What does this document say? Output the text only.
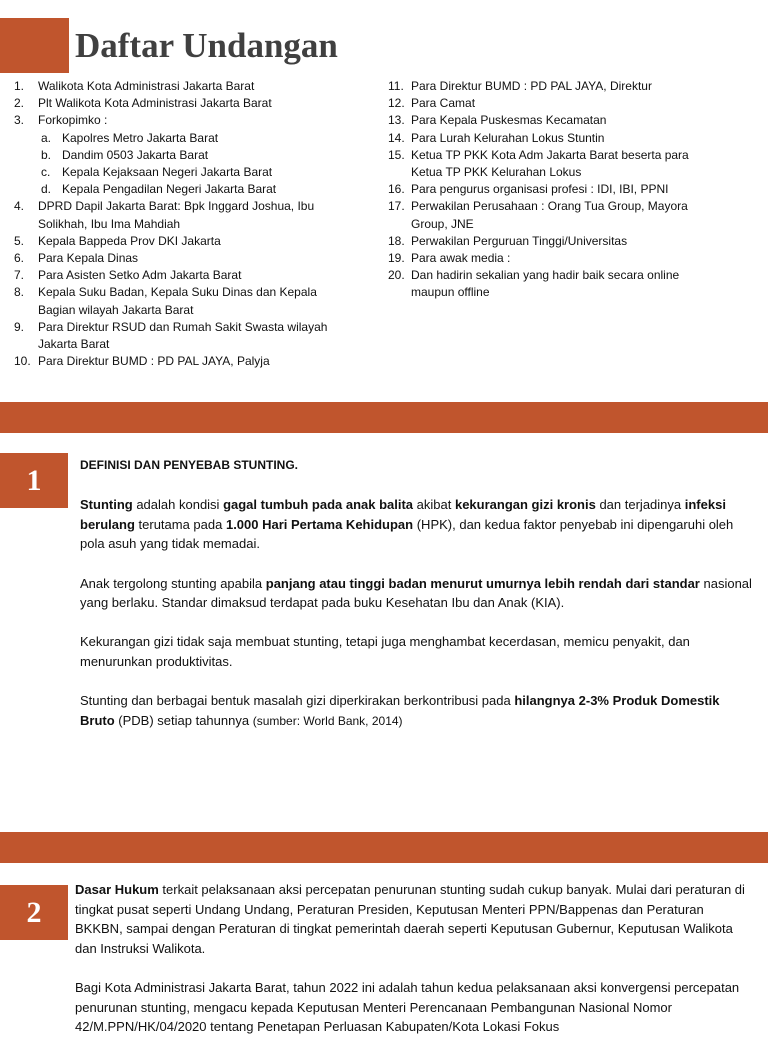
Daftar Undangan
1. Walikota Kota Administrasi Jakarta Barat
2. Plt Walikota Kota Administrasi Jakarta Barat
3. Forkopimko :
a. Kapolres Metro Jakarta Barat
b. Dandim 0503 Jakarta Barat
c. Kepala Kejaksaan Negeri Jakarta Barat
d. Kepala Pengadilan Negeri Jakarta Barat
4. DPRD Dapil Jakarta Barat: Bpk Inggard Joshua, Ibu Solikhah, Ibu Ima Mahdiah
5. Kepala Bappeda Prov DKI Jakarta
6. Para Kepala Dinas
7. Para Asisten Setko Adm Jakarta Barat
8. Kepala Suku Badan, Kepala Suku Dinas dan Kepala Bagian wilayah Jakarta Barat
9. Para Direktur RSUD dan Rumah Sakit Swasta wilayah Jakarta Barat
10. Para Direktur BUMD : PD PAL JAYA, Palyja
11. Para Direktur BUMD : PD PAL JAYA, Direktur
12. Para Camat
13. Para Kepala Puskesmas Kecamatan
14. Para Lurah Kelurahan Lokus Stuntin
15. Ketua TP PKK Kota Adm Jakarta Barat beserta para Ketua TP PKK Kelurahan Lokus
16. Para pengurus organisasi profesi : IDI, IBI, PPNI
17. Perwakilan Perusahaan : Orang Tua Group, Mayora Group, JNE
18. Perwakilan Perguruan Tinggi/Universitas
19. Para awak media :
20. Dan hadirin sekalian yang hadir baik secara online maupun offline
1	DEFINISI DAN PENYEBAB STUNTING.

Stunting adalah kondisi gagal tumbuh pada anak balita akibat kekurangan gizi kronis dan terjadinya infeksi berulang terutama pada 1.000 Hari Pertama Kehidupan (HPK), dan kedua faktor penyebab ini dipengaruhi oleh pola asuh yang tidak memadai.

Anak tergolong stunting apabila panjang atau tinggi badan menurut umurnya lebih rendah dari standar nasional yang berlaku. Standar dimaksud terdapat pada buku Kesehatan Ibu dan Anak (KIA).

Kekurangan gizi tidak saja membuat stunting, tetapi juga menghambat kecerdasan, memicu penyakit, dan menurunkan produktivitas.

Stunting dan berbagai bentuk masalah gizi diperkirakan berkontribusi pada hilangnya 2-3% Produk Domestik Bruto (PDB) setiap tahunnya (sumber: World Bank, 2014)

2

Dasar Hukum terkait pelaksanaan aksi percepatan penurunan stunting sudah cukup banyak. Mulai dari peraturan di tingkat pusat seperti Undang Undang, Peraturan Presiden, Keputusan Menteri PPN/Bappenas dan Peraturan BKKBN, sampai dengan Peraturan di tingkat pemerintah daerah seperti Keputusan Gubernur, Keputusan Walikota dan Instruksi Walikota.

Bagi Kota Administrasi Jakarta Barat, tahun 2022 ini adalah tahun kedua pelaksanaan aksi konvergensi percepatan penurunan stunting, mengacu kepada Keputusan Menteri Perencanaan Pembangunan Nasional Nomor 42/M.PPN/HK/04/2020 tentang Penetapan Perluasan Kabupaten/Kota Lokasi Fokus
